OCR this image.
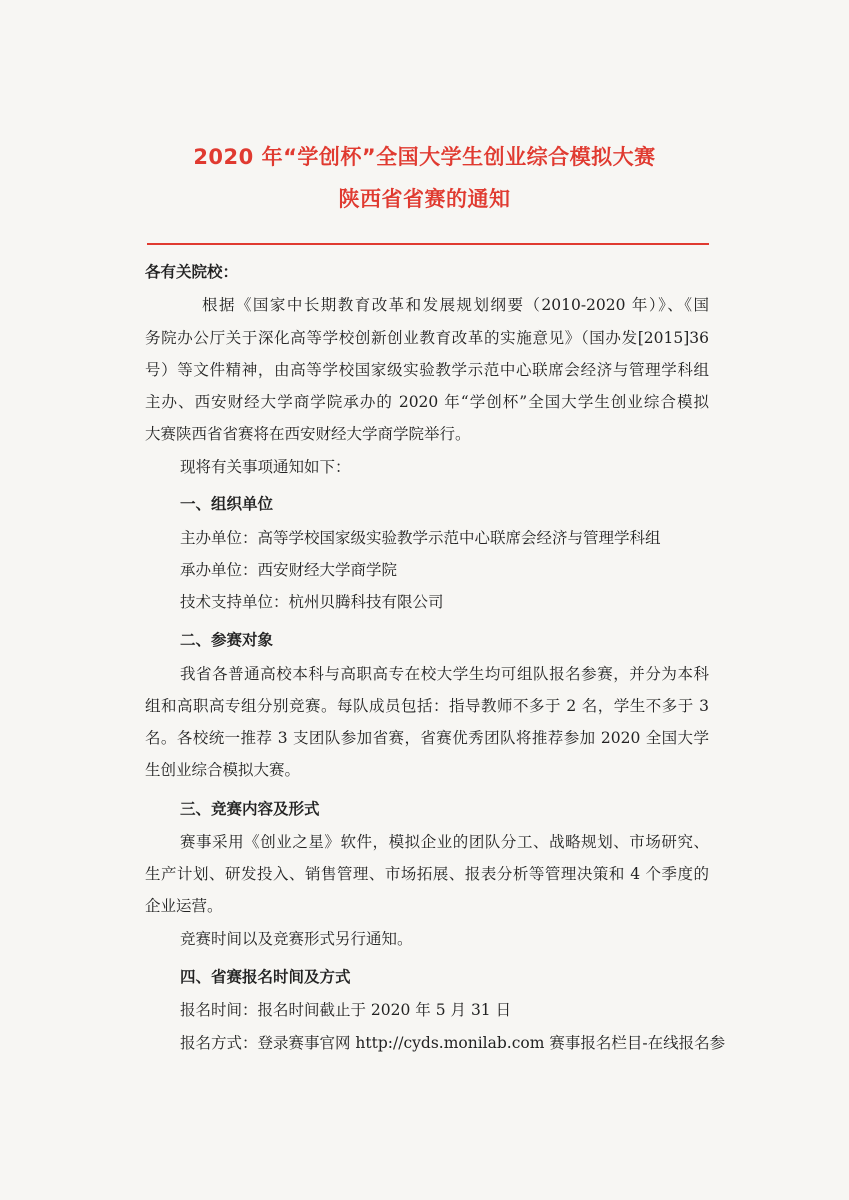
2020 年“学创杯”全国大学生创业综合模拟大赛
陕西省省赛的通知
各有关院校：
根据《国家中长期教育改革和发展规划纲要（2010-2020 年）》、《国
务院办公厅关于深化高等学校创新创业教育改革的实施意见》（国办发[2015]36
号）等文件精神，由高等学校国家级实验教学示范中心联席会经济与管理学科组
主办、西安财经大学商学院承办的 2020 年“学创杯”全国大学生创业综合模拟
大赛陕西省省赛将在西安财经大学商学院举行。
现将有关事项通知如下：
一、组织单位
主办单位：高等学校国家级实验教学示范中心联席会经济与管理学科组
承办单位：西安财经大学商学院
技术支持单位：杭州贝腾科技有限公司
二、参赛对象
我省各普通高校本科与高职高专在校大学生均可组队报名参赛，并分为本科
组和高职高专组分别竞赛。每队成员包括：指导教师不多于 2 名，学生不多于 3
名。各校统一推荐 3 支团队参加省赛，省赛优秀团队将推荐参加 2020 全国大学
生创业综合模拟大赛。
三、竞赛内容及形式
赛事采用《创业之星》软件，模拟企业的团队分工、战略规划、市场研究、
生产计划、研发投入、销售管理、市场拓展、报表分析等管理决策和 4 个季度的
企业运营。
竞赛时间以及竞赛形式另行通知。
四、省赛报名时间及方式
报名时间：报名时间截止于 2020 年 5 月 31 日
报名方式：登录赛事官网 http://cyds.monilab.com 赛事报名栏目-在线报名参
